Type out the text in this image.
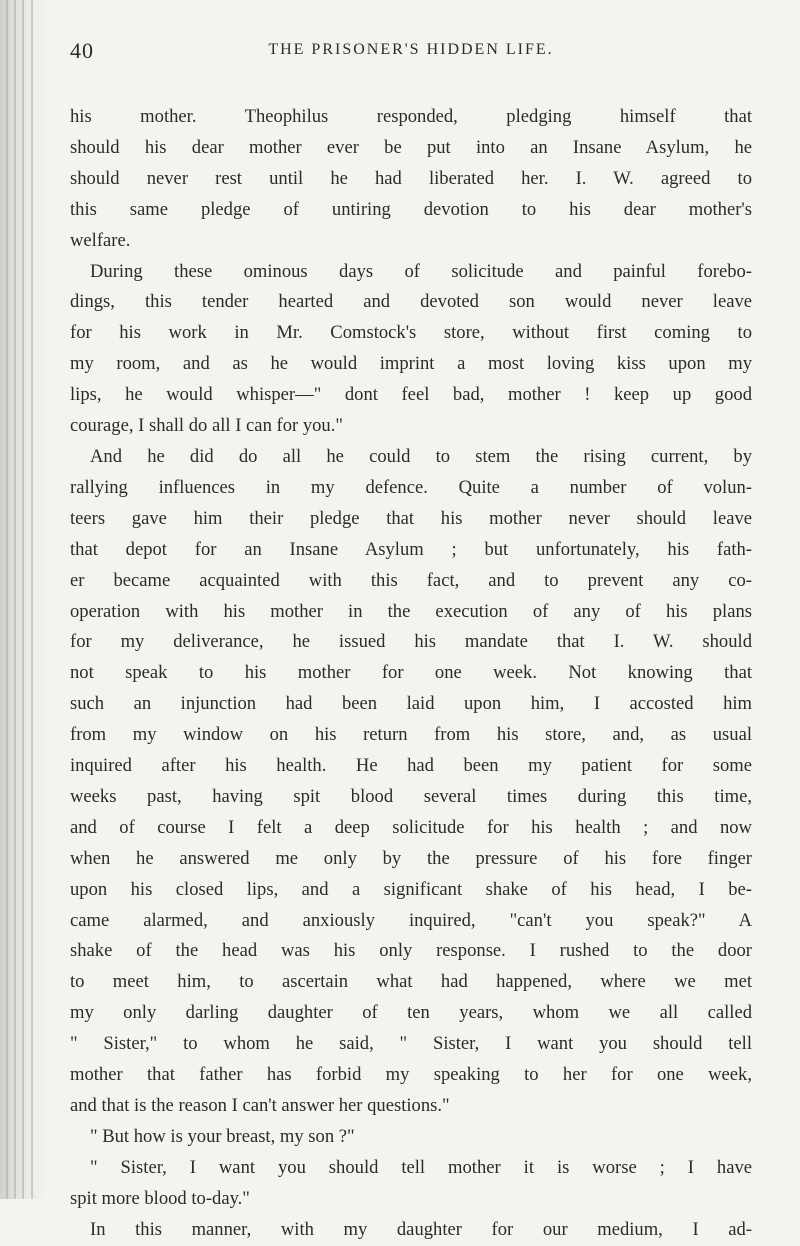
40	THE PRISONER'S HIDDEN LIFE.
his mother. Theophilus responded, pledging himself that
should his dear mother ever be put into an Insane Asylum, he
should never rest until he had liberated her. I. W. agreed to
this same pledge of untiring devotion to his dear mother's
welfare.
During these ominous days of solicitude and painful forebo-
dings, this tender hearted and devoted son would never leave
for his work in Mr. Comstock's store, without first coming to
my room, and as he would imprint a most loving kiss upon my
lips, he would whisper—" dont feel bad, mother ! keep up good
courage, I shall do all I can for you."
And he did do all he could to stem the rising current, by
rallying influences in my defence. Quite a number of volun-
teers gave him their pledge that his mother never should leave
that depot for an Insane Asylum ; but unfortunately, his fath-
er became acquainted with this fact, and to prevent any co-
operation with his mother in the execution of any of his plans
for my deliverance, he issued his mandate that I. W. should
not speak to his mother for one week. Not knowing that
such an injunction had been laid upon him, I accosted him
from my window on his return from his store, and, as usual
inquired after his health. He had been my patient for some
weeks past, having spit blood several times during this time,
and of course I felt a deep solicitude for his health ; and now
when he answered me only by the pressure of his fore finger
upon his closed lips, and a significant shake of his head, I be-
came alarmed, and anxiously inquired, "can't you speak?" A
shake of the head was his only response. I rushed to the door
to meet him, to ascertain what had happened, where we met
my only darling daughter of ten years, whom we all called
" Sister," to whom he said, " Sister, I want you should tell
mother that father has forbid my speaking to her for one week,
and that is the reason I can't answer her questions."
" But how is your breast, my son ?"
" Sister, I want you should tell mother it is worse ; I have
spit more blood to-day."
In this manner, with my daughter for our medium, I ad-
